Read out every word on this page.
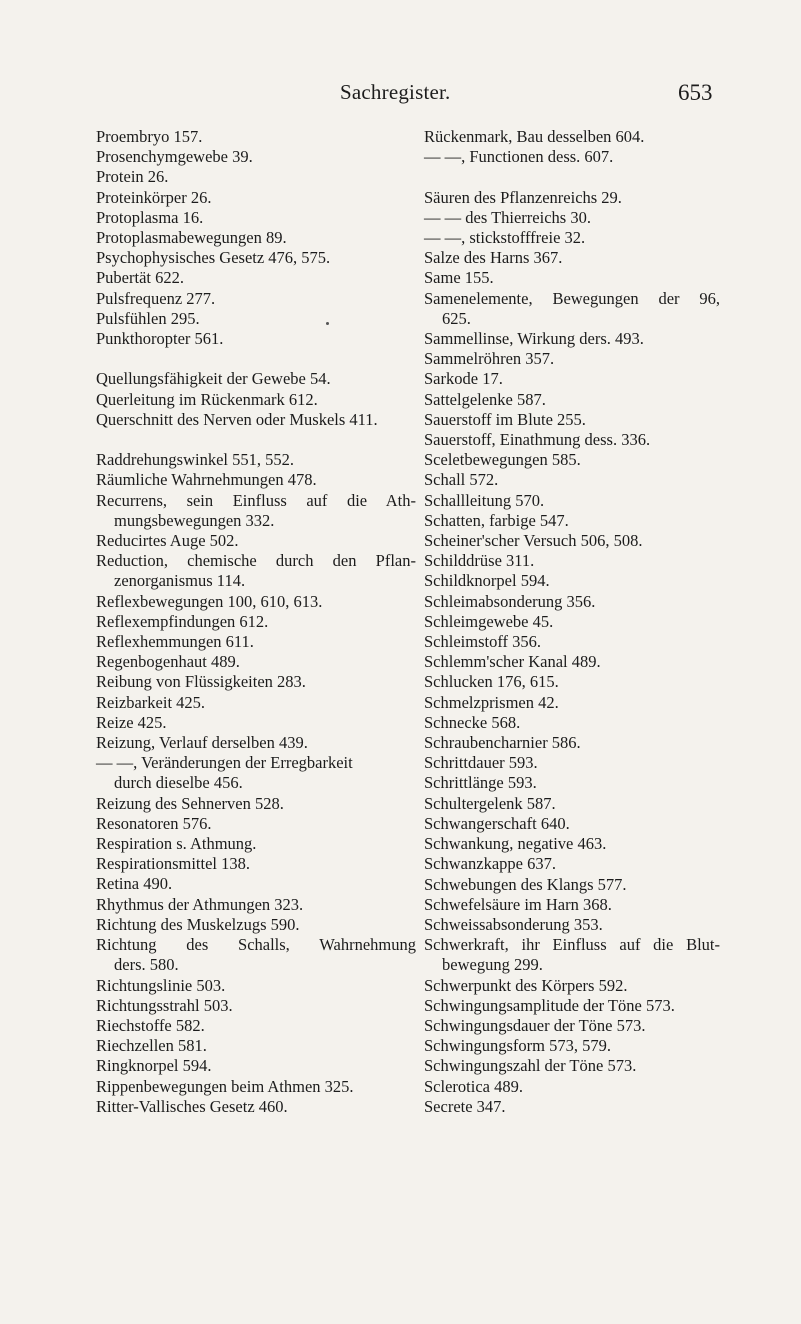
Sachregister.	653
Proembryo 157.
Prosenchymgewebe 39.
Protein 26.
Proteinkörper 26.
Protoplasma 16.
Protoplasmabewegungen 89.
Psychophysisches Gesetz 476, 575.
Pubertät 622.
Pulsfrequenz 277.
Pulsfühlen 295.
Punkthoropter 561.
Quellungsfähigkeit der Gewebe 54.
Querleitung im Rückenmark 612.
Querschnitt des Nerven oder Muskels 411.
Raddrehungswinkel 551, 552.
Räumliche Wahrnehmungen 478.
Recurrens, sein Einfluss auf die Ath-
mungsbewegungen 332.
Reducirtes Auge 502.
Reduction, chemische durch den Pflan-
zenorganismus 114.
Reflexbewegungen 100, 610, 613.
Reflexempfindungen 612.
Reflexhemmungen 611.
Regenbogenhaut 489.
Reibung von Flüssigkeiten 283.
Reizbarkeit 425.
Reize 425.
Reizung, Verlauf derselben 439.
— —, Veränderungen der Erregbarkeit
durch dieselbe 456.
Reizung des Sehnerven 528.
Resonatoren 576.
Respiration s. Athmung.
Respirationsmittel 138.
Retina 490.
Rhythmus der Athmungen 323.
Richtung des Muskelzugs 590.
Richtung des Schalls, Wahrnehmung
ders. 580.
Richtungslinie 503.
Richtungsstrahl 503.
Riechstoffe 582.
Riechzellen 581.
Ringknorpel 594.
Rippenbewegungen beim Athmen 325.
Ritter-Vallisches Gesetz 460.
Rückenmark, Bau desselben 604.
— —, Functionen dess. 607.
Säuren des Pflanzenreichs 29.
— — des Thierreichs 30.
— —, stickstofffreie 32.
Salze des Harns 367.
Same 155.
Samenelemente, Bewegungen der 96,
625.
Sammellinse, Wirkung ders. 493.
Sammelröhren 357.
Sarkode 17.
Sattelgelenke 587.
Sauerstoff im Blute 255.
Sauerstoff, Einathmung dess. 336.
Sceletbewegungen 585.
Schall 572.
Schallleitung 570.
Schatten, farbige 547.
Scheiner'scher Versuch 506, 508.
Schilddrüse 311.
Schildknorpel 594.
Schleimabsonderung 356.
Schleimgewebe 45.
Schleimstoff 356.
Schlemm'scher Kanal 489.
Schlucken 176, 615.
Schmelzprismen 42.
Schnecke 568.
Schraubencharnier 586.
Schrittdauer 593.
Schrittlänge 593.
Schultergelenk 587.
Schwangerschaft 640.
Schwankung, negative 463.
Schwanzkappe 637.
Schwebungen des Klangs 577.
Schwefelsäure im Harn 368.
Schweissabsonderung 353.
Schwerkraft, ihr Einfluss auf die Blut-
bewegung 299.
Schwerpunkt des Körpers 592.
Schwingungsamplitude der Töne 573.
Schwingungsdauer der Töne 573.
Schwingungsform 573, 579.
Schwingungszahl der Töne 573.
Sclerotica 489.
Secrete 347.
